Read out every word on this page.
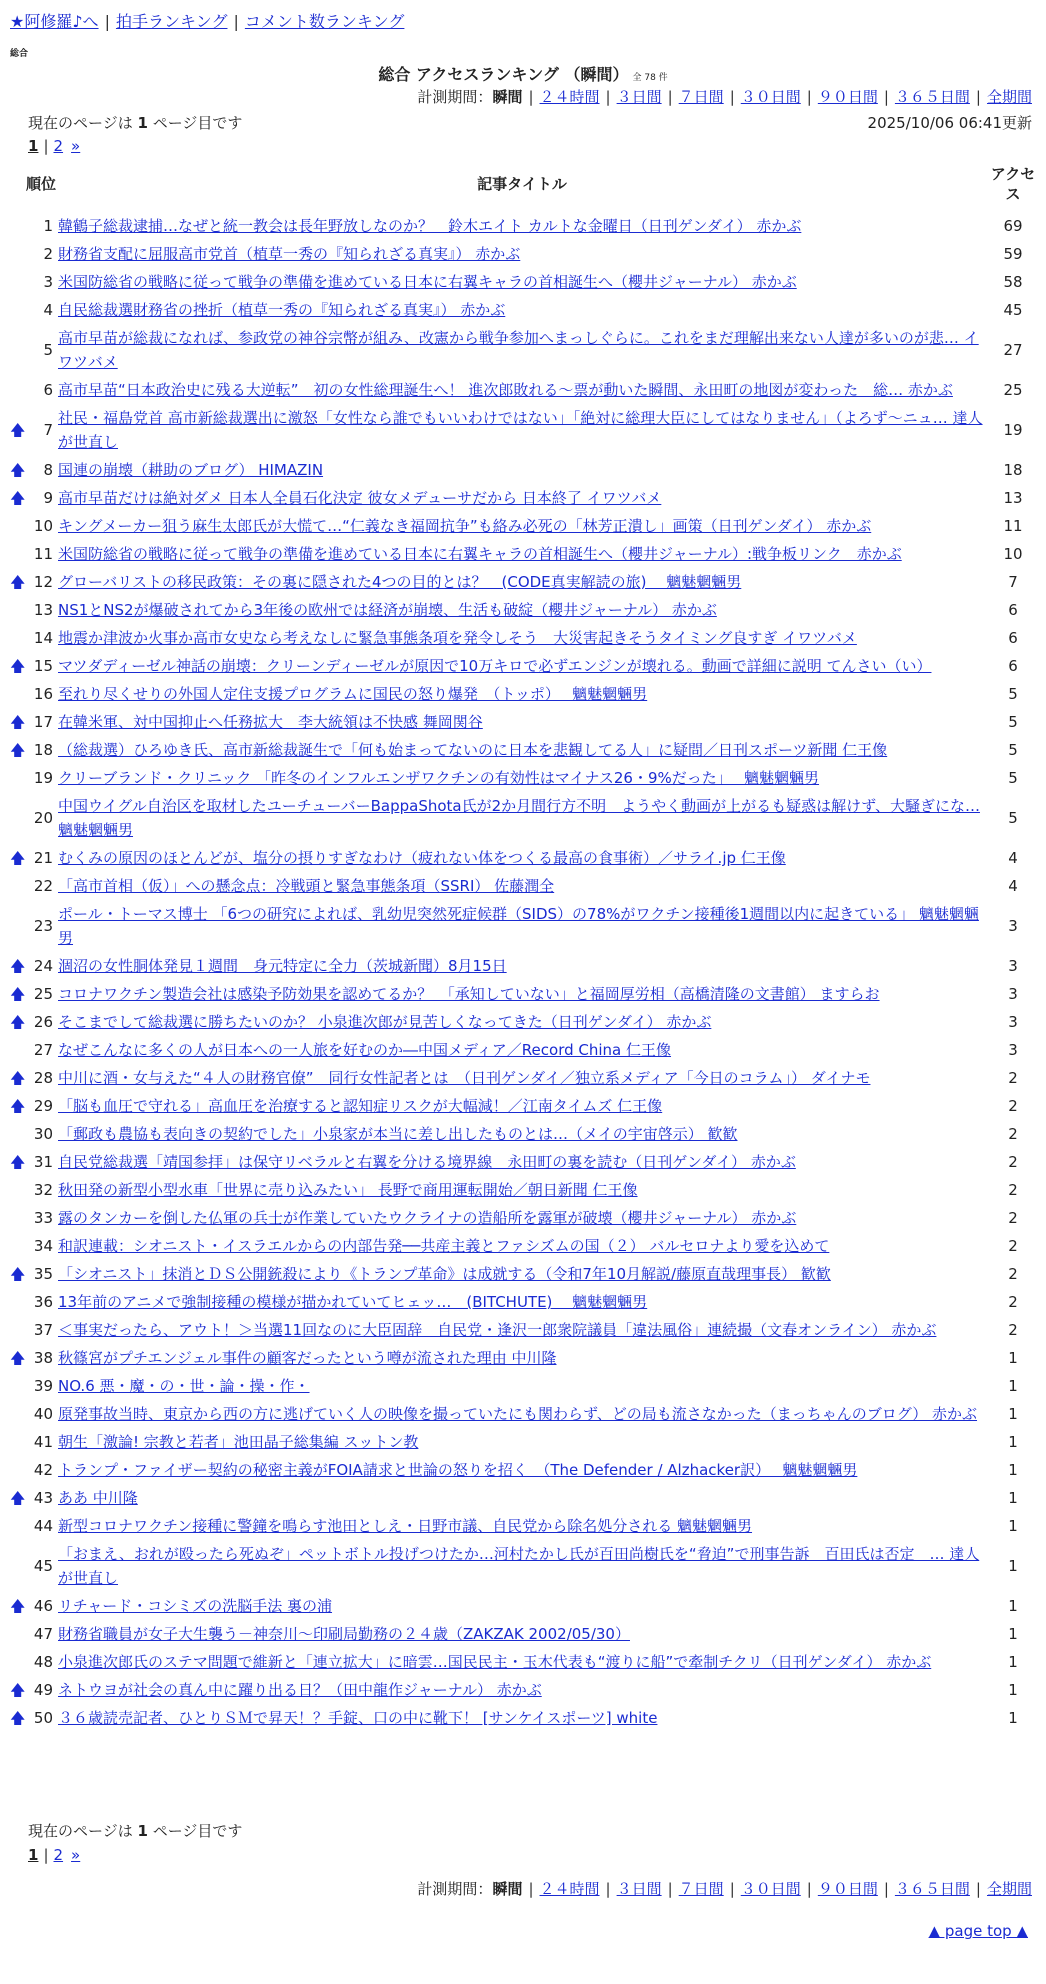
★阿修羅♪へ | 拍手ランキング | コメント数ランキング
総合
総合 アクセスランキング （瞬間） 全 78 件
計測期間：瞬間 | ２４時間 | ３日間 | ７日間 | ３０日間 | ９０日間 | ３６５日間 | 全期間
現在のページは 1 ページ目です	2025/10/06 06:41更新
1 | 2 »
	順位	記事タイトル	アクセス
	1	韓鶴子総裁逮捕…なぜと統一教会は長年野放しなのか？　鈴木エイト カルトな金曜日（日刊ゲンダイ） 赤かぶ	69
	2	財務省支配に屈服高市党首（植草一秀の『知られざる真実』） 赤かぶ	59
	3	米国防総省の戦略に従って戦争の準備を進めている日本に右翼キャラの首相誕生へ（櫻井ジャーナル） 赤かぶ	58
	4	自民総裁選財務省の挫折（植草一秀の『知られざる真実』） 赤かぶ	45
	5	高市早苗が総裁になれば、参政党の神谷宗幣が組み、改憲から戦争参加へまっしぐらに。これをまだ理解出来ない人達が多いのが悲… イワツバメ	27
	6	高市早苗“日本政治史に残る大逆転”　初の女性総理誕生へ！ 進次郎敗れる～票が動いた瞬間、永田町の地図が変わった　総… 赤かぶ	25
🡅	7	社民・福島党首 高市新総裁選出に激怒「女性なら誰でもいいわけではない」「絶対に総理大臣にしてはなりません」（よろず～ニュ… 達人が世直し	19
🡅	8	国連の崩壊（耕助のブログ） HIMAZIN	18
🡅	9	高市早苗だけは絶対ダメ 日本人全員石化決定 彼女メデューサだから 日本終了 イワツバメ	13
	10	キングメーカー狙う麻生太郎氏が大慌て…“仁義なき福岡抗争”も絡み必死の「林芳正潰し」画策（日刊ゲンダイ） 赤かぶ	11
	11	米国防総省の戦略に従って戦争の準備を進めている日本に右翼キャラの首相誕生へ（櫻井ジャーナル）:戦争板リンク　赤かぶ	10
🡅	12	グローバリストの移民政策：その裏に隠された4つの目的とは？　(CODE真実解読の旅)　 魑魅魍魎男	7
	13	NS1とNS2が爆破されてから3年後の欧州では経済が崩壊、生活も破綻（櫻井ジャーナル） 赤かぶ	6
	14	地震か津波か火事か高市女史なら考えなしに緊急事態条項を発令しそう　大災害起きそうタイミング良すぎ イワツバメ	6
🡅	15	マツダディーゼル神話の崩壊：クリーンディーゼルが原因で10万キロで必ずエンジンが壊れる。動画で詳細に説明 てんさい（い）	6
	16	至れり尽くせりの外国人定住支援プログラムに国民の怒り爆発　（トッポ）　 魑魅魍魎男	5
🡅	17	在韓米軍、対中国抑止へ任務拡大　李大統領は不快感 舞岡関谷	5
🡅	18	（総裁選）ひろゆき氏、高市新総裁誕生で「何も始まってないのに日本を悲観してる人」に疑問／日刊スポーツ新聞 仁王像	5
	19	クリーブランド・クリニック 「昨冬のインフルエンザワクチンの有効性はマイナス26・9%だった」　 魑魅魍魎男	5
	20	中国ウイグル自治区を取材したユーチューバーBappaShota氏が2か月間行方不明　ようやく動画が上がるも疑惑は解けず、大騒ぎにな… 魑魅魍魎男	5
🡅	21	むくみの原因のほとんどが、塩分の摂りすぎなわけ（疲れない体をつくる最高の食事術）／サライ.jp 仁王像	4
	22	「高市首相（仮）」への懸念点：冷戦頭と緊急事態条項（SSRI） 佐藤潤全	4
	23	ポール・トーマス博士 「6つの研究によれば、乳幼児突然死症候群（SIDS）の78%がワクチン接種後1週間以内に起きている」 魑魅魍魎男	3
🡅	24	涸沼の女性胴体発見１週間　身元特定に全力（茨城新聞）8月15日	3
🡅	25	コロナワクチン製造会社は感染予防効果を認めてるか？　「承知していない」と福岡厚労相（高橋清隆の文書館） ますらお	3
🡅	26	そこまでして総裁選に勝ちたいのか？ 小泉進次郎が見苦しくなってきた（日刊ゲンダイ） 赤かぶ	3
	27	なぜこんなに多くの人が日本への一人旅を好むのか―中国メディア／Record China 仁王像	3
🡅	28	中川に酒・女与えた“４人の財務官僚”　同行女性記者とは　（日刊ゲンダイ／独立系メディア「今日のコラム」） ダイナモ	2
🡅	29	「脳も血圧で守れる」高血圧を治療すると認知症リスクが大幅減！／江南タイムズ 仁王像	2
	30	「郵政も農協も表向きの契約でした」小泉家が本当に差し出したものとは…（メイの宇宙啓示） 歓歓	2
🡅	31	自民党総裁選「靖国参拝」は保守リベラルと右翼を分ける境界線　永田町の裏を読む（日刊ゲンダイ） 赤かぶ	2
	32	秋田発の新型小型水車「世界に売り込みたい」 長野で商用運転開始／朝日新聞 仁王像	2
	33	露のタンカーを倒した仏軍の兵士が作業していたウクライナの造船所を露軍が破壊（櫻井ジャーナル） 赤かぶ	2
	34	和訳連載：シオニスト・イスラエルからの内部告発──共産主義とファシズムの国（２） バルセロナより愛を込めて	2
🡅	35	「シオニスト」抹消とＤＳ公開銃殺により《トランプ革命》は成就する（令和7年10月解説/藤原直哉理事長） 歓歓	2
	36	13年前のアニメで強制接種の模様が描かれていてヒェッ…　(BITCHUTE)　 魑魅魍魎男	2
	37	＜事実だったら、アウト！＞当選11回なのに大臣固辞　自民党・逢沢一郎衆院議員「違法風俗」連続撮（文春オンライン） 赤かぶ	2
🡅	38	秋篠宮がプチエンジェル事件の顧客だったという噂が流された理由 中川隆	1
	39	NO.6 悪・魔・の・世・論・操・作・	1
	40	原発事故当時、東京から西の方に逃げていく人の映像を撮っていたにも関わらず、どの局も流さなかった（まっちゃんのブログ） 赤かぶ	1
	41	朝生「激論! 宗教と若者」池田晶子総集編 スットン教	1
	42	トランプ・ファイザー契約の秘密主義がFOIA請求と世論の怒りを招く　（The Defender / Alzhacker訳）　 魑魅魍魎男	1
🡅	43	ああ 中川隆	1
	44	新型コロナワクチン接種に警鐘を鳴らす池田としえ・日野市議、自民党から除名処分される 魑魅魍魎男	1
	45	「おまえ、おれが殴ったら死ぬぞ」ペットボトル投げつけたか…河村たかし氏が百田尚樹氏を“脅迫”で刑事告訴　百田氏は否定　… 達人が世直し	1
🡅	46	リチャード・コシミズの洗脳手法 裏の浦	1
	47	財務省職員が女子大生襲う－神奈川～印刷局勤務の２４歳（ZAKZAK 2002/05/30）	1
	48	小泉進次郎氏のステマ問題で維新と「連立拡大」に暗雲…国民民主・玉木代表も“渡りに船”で牽制チクリ（日刊ゲンダイ） 赤かぶ	1
🡅	49	ネトウヨが社会の真ん中に躍り出る日？（田中龍作ジャーナル） 赤かぶ	1
🡅	50	３６歳読売記者、ひとりＳＭで昇天！？手錠、口の中に靴下！ [サンケイスポーツ] white	1
現在のページは 1 ページ目です
1 | 2 »
計測期間：瞬間 | ２４時間 | ３日間 | ７日間 | ３０日間 | ９０日間 | ３６５日間 | 全期間
▲ page top ▲
